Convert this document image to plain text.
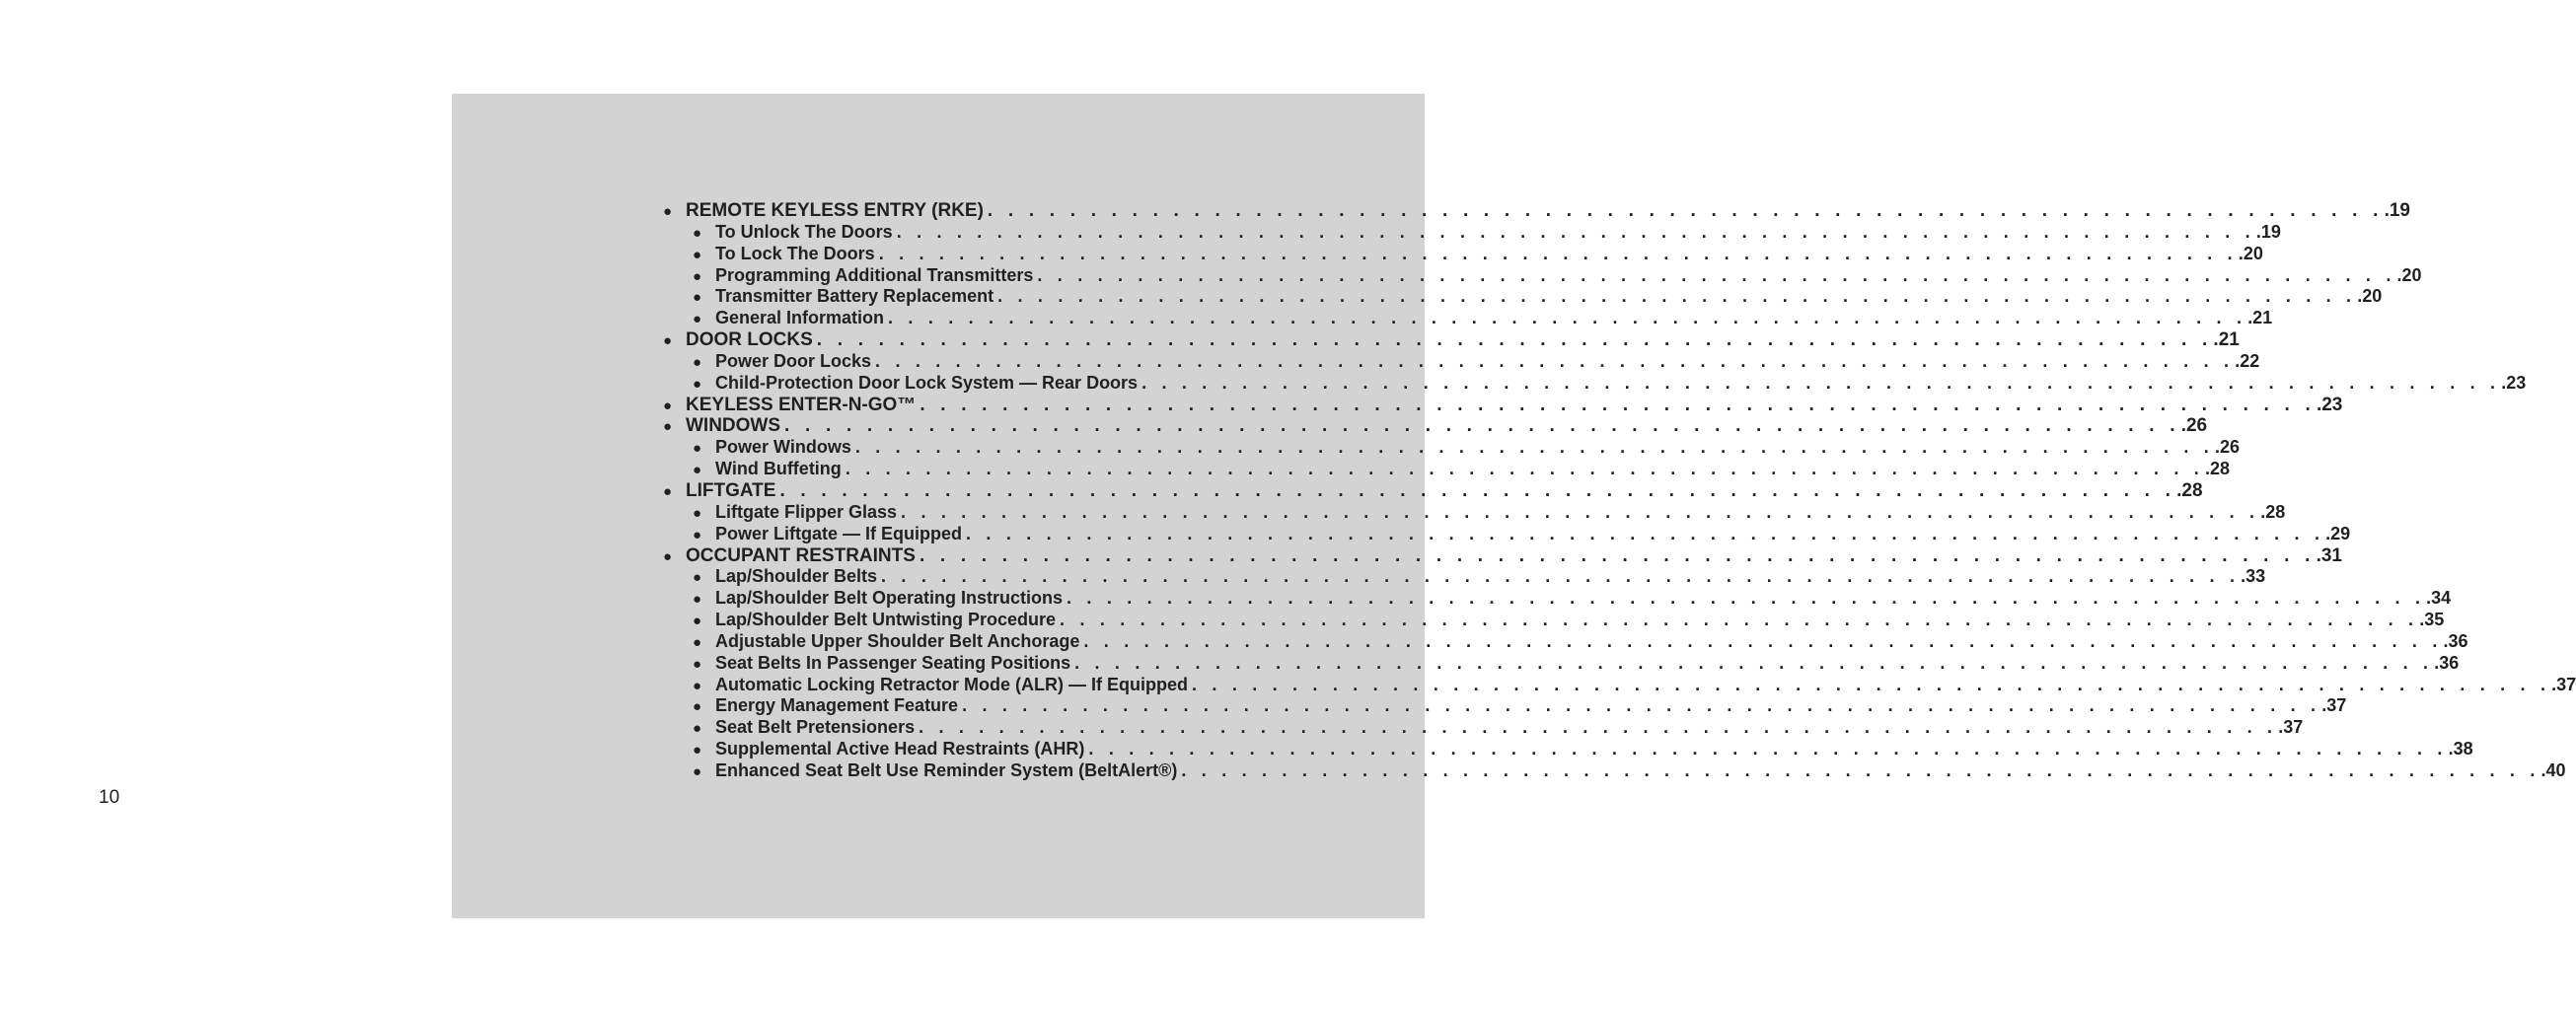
10
● REMOTE KEYLESS ENTRY (RKE) . . . . . . . . . . . . . . . . . . . . . . . . . . . . . . . . . . . . . . . . . . . . . . . . . . . . . . . . . . . . . . . . . . . . .19
● To Unlock The Doors . . . . . . . . . . . . . . . . . . . . . . . . . . . . . . . . . . . . . . . . . . . . . . . . . . . . . . . . . . . . . . . . . . . . .19
● To Lock The Doors . . . . . . . . . . . . . . . . . . . . . . . . . . . . . . . . . . . . . . . . . . . . . . . . . . . . . . . . . . . . . . . . . . . . .20
● Programming Additional Transmitters . . . . . . . . . . . . . . . . . . . . . . . . . . . . . . . . . . . . . . . . . . . . . . . . . . . . . . . . . . . . . . . . . . . . .20
● Transmitter Battery Replacement . . . . . . . . . . . . . . . . . . . . . . . . . . . . . . . . . . . . . . . . . . . . . . . . . . . . . . . . . . . . . . . . . . . . .20
● General Information . . . . . . . . . . . . . . . . . . . . . . . . . . . . . . . . . . . . . . . . . . . . . . . . . . . . . . . . . . . . . . . . . . . . .21
● DOOR LOCKS . . . . . . . . . . . . . . . . . . . . . . . . . . . . . . . . . . . . . . . . . . . . . . . . . . . . . . . . . . . . . . . . . . . . .21
● Power Door Locks . . . . . . . . . . . . . . . . . . . . . . . . . . . . . . . . . . . . . . . . . . . . . . . . . . . . . . . . . . . . . . . . . . . . .22
● Child-Protection Door Lock System — Rear Doors . . . . . . . . . . . . . . . . . . . . . . . . . . . . . . . . . . . . . . . . . . . . . . . . . . . . . . . . . . . . . . . . . . . . .23
● KEYLESS ENTER-N-GO™ . . . . . . . . . . . . . . . . . . . . . . . . . . . . . . . . . . . . . . . . . . . . . . . . . . . . . . . . . . . . . . . . . . . . .23
● WINDOWS . . . . . . . . . . . . . . . . . . . . . . . . . . . . . . . . . . . . . . . . . . . . . . . . . . . . . . . . . . . . . . . . . . . . .26
● Power Windows . . . . . . . . . . . . . . . . . . . . . . . . . . . . . . . . . . . . . . . . . . . . . . . . . . . . . . . . . . . . . . . . . . . . .26
● Wind Buffeting . . . . . . . . . . . . . . . . . . . . . . . . . . . . . . . . . . . . . . . . . . . . . . . . . . . . . . . . . . . . . . . . . . . . .28
● LIFTGATE . . . . . . . . . . . . . . . . . . . . . . . . . . . . . . . . . . . . . . . . . . . . . . . . . . . . . . . . . . . . . . . . . . . . .28
● Liftgate Flipper Glass . . . . . . . . . . . . . . . . . . . . . . . . . . . . . . . . . . . . . . . . . . . . . . . . . . . . . . . . . . . . . . . . . . . . .28
● Power Liftgate — If Equipped . . . . . . . . . . . . . . . . . . . . . . . . . . . . . . . . . . . . . . . . . . . . . . . . . . . . . . . . . . . . . . . . . . . . .29
● OCCUPANT RESTRAINTS . . . . . . . . . . . . . . . . . . . . . . . . . . . . . . . . . . . . . . . . . . . . . . . . . . . . . . . . . . . . . . . . . . . . .31
● Lap/Shoulder Belts . . . . . . . . . . . . . . . . . . . . . . . . . . . . . . . . . . . . . . . . . . . . . . . . . . . . . . . . . . . . . . . . . . . . .33
● Lap/Shoulder Belt Operating Instructions . . . . . . . . . . . . . . . . . . . . . . . . . . . . . . . . . . . . . . . . . . . . . . . . . . . . . . . . . . . . . . . . . . . . .34
● Lap/Shoulder Belt Untwisting Procedure . . . . . . . . . . . . . . . . . . . . . . . . . . . . . . . . . . . . . . . . . . . . . . . . . . . . . . . . . . . . . . . . . . . . .35
● Adjustable Upper Shoulder Belt Anchorage . . . . . . . . . . . . . . . . . . . . . . . . . . . . . . . . . . . . . . . . . . . . . . . . . . . . . . . . . . . . . . . . . . . . .36
● Seat Belts In Passenger Seating Positions . . . . . . . . . . . . . . . . . . . . . . . . . . . . . . . . . . . . . . . . . . . . . . . . . . . . . . . . . . . . . . . . . . . . .36
● Automatic Locking Retractor Mode (ALR) — If Equipped . . . . . . . . . . . . . . . . . . . . . . . . . . . . . . . . . . . . . . . . . . . . . . . . . . . . . . . . . . . . . . . . . . . . .37
● Energy Management Feature . . . . . . . . . . . . . . . . . . . . . . . . . . . . . . . . . . . . . . . . . . . . . . . . . . . . . . . . . . . . . . . . . . . . .37
● Seat Belt Pretensioners . . . . . . . . . . . . . . . . . . . . . . . . . . . . . . . . . . . . . . . . . . . . . . . . . . . . . . . . . . . . . . . . . . . . .37
● Supplemental Active Head Restraints (AHR) . . . . . . . . . . . . . . . . . . . . . . . . . . . . . . . . . . . . . . . . . . . . . . . . . . . . . . . . . . . . . . . . . . . . .38
● Enhanced Seat Belt Use Reminder System (BeltAlert®) . . . . . . . . . . . . . . . . . . . . . . . . . . . . . . . . . . . . . . . . . . . . . . . . . . . . . . . . . . . . . . . . . . . . .40
